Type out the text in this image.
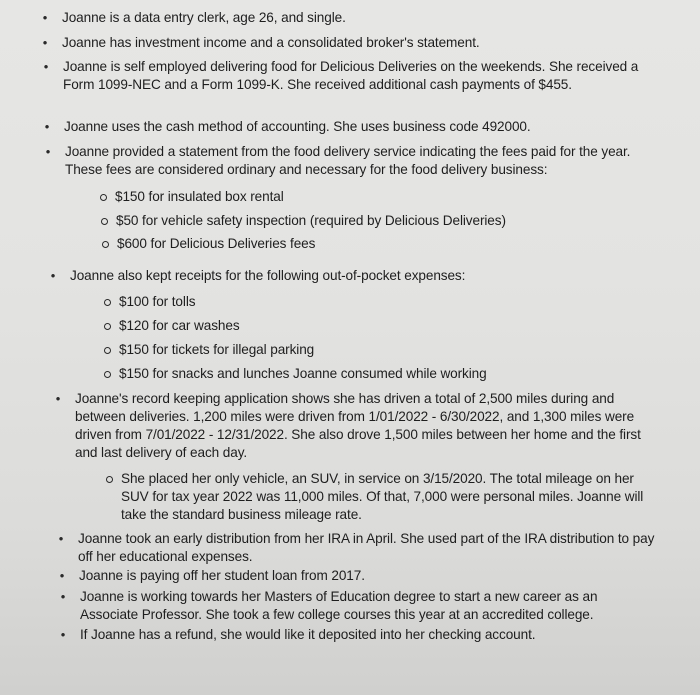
• Joanne is a data entry clerk, age 26, and single.
• Joanne has investment income and a consolidated broker's statement.
• Joanne is self employed delivering food for Delicious Deliveries on the weekends. She received a Form 1099-NEC and a Form 1099-K. She received additional cash payments of $455.
• Joanne uses the cash method of accounting. She uses business code 492000.
• Joanne provided a statement from the food delivery service indicating the fees paid for the year. These fees are considered ordinary and necessary for the food delivery business:
$150 for insulated box rental
$50 for vehicle safety inspection (required by Delicious Deliveries)
$600 for Delicious Deliveries fees
• Joanne also kept receipts for the following out-of-pocket expenses:
$100 for tolls
$120 for car washes
$150 for tickets for illegal parking
$150 for snacks and lunches Joanne consumed while working
• Joanne's record keeping application shows she has driven a total of 2,500 miles during and between deliveries. 1,200 miles were driven from 1/01/2022 - 6/30/2022, and 1,300 miles were driven from 7/01/2022 - 12/31/2022. She also drove 1,500 miles between her home and the first and last delivery of each day.
She placed her only vehicle, an SUV, in service on 3/15/2020. The total mileage on her SUV for tax year 2022 was 11,000 miles. Of that, 7,000 were personal miles. Joanne will take the standard business mileage rate.
• Joanne took an early distribution from her IRA in April. She used part of the IRA distribution to pay off her educational expenses.
• Joanne is paying off her student loan from 2017.
• Joanne is working towards her Masters of Education degree to start a new career as an Associate Professor. She took a few college courses this year at an accredited college.
• If Joanne has a refund, she would like it deposited into her checking account.
